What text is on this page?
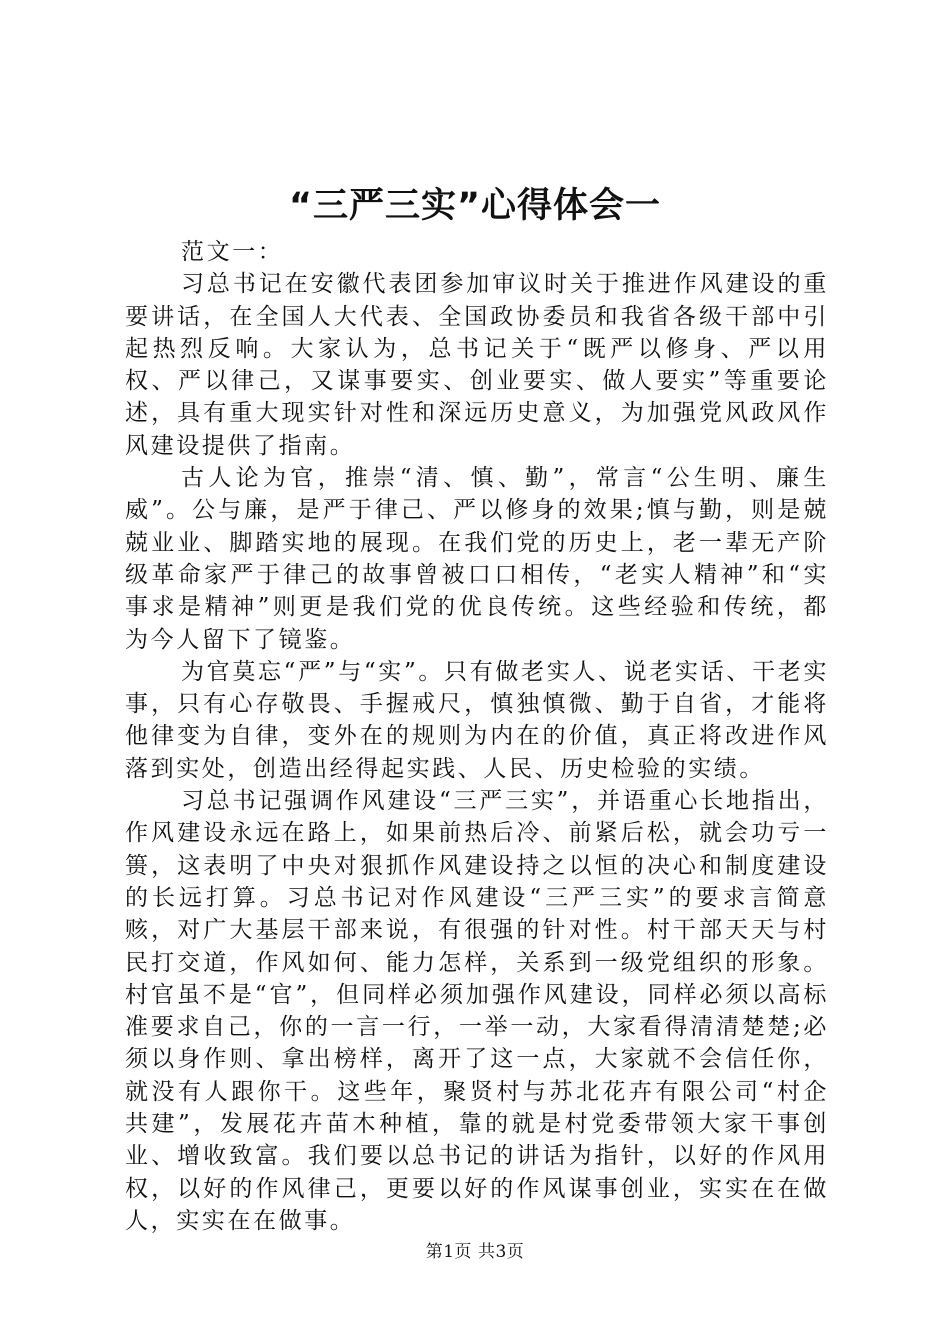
“三严三实”心得体会一

范文一：

习总书记在安徽代表团参加审议时关于推进作风建设的重要讲话，在全国人大代表、全国政协委员和我省各级干部中引起热烈反响。大家认为，总书记关于“既严以修身、严以用权、严以律己，又谋事要实、创业要实、做人要实”等重要论述，具有重大现实针对性和深远历史意义，为加强党风政风作风建设提供了指南。

古人论为官，推崇“清、慎、勤”，常言“公生明、廉生威”。公与廉，是严于律己、严以修身的效果;慎与勤，则是兢兢业业、脚踏实地的展现。在我们党的历史上，老一辈无产阶级革命家严于律己的故事曾被口口相传，“老实人精神”和“实事求是精神”则更是我们党的优良传统。这些经验和传统，都为今人留下了镜鉴。

为官莫忘“严”与“实”。只有做老实人、说老实话、干老实事，只有心存敬畏、手握戒尺，慎独慎微、勤于自省，才能将他律变为自律，变外在的规则为内在的价值，真正将改进作风落到实处，创造出经得起实践、人民、历史检验的实绩。

习总书记强调作风建设“三严三实”，并语重心长地指出，作风建设永远在路上，如果前热后冷、前紧后松，就会功亏一篑，这表明了中央对狠抓作风建设持之以恒的决心和制度建设的长远打算。习总书记对作风建设“三严三实”的要求言简意赅，对广大基层干部来说，有很强的针对性。村干部天天与村民打交道，作风如何、能力怎样，关系到一级党组织的形象。村官虽不是“官”，但同样必须加强作风建设，同样必须以高标准要求自己，你的一言一行，一举一动，大家看得清清楚楚;必须以身作则、拿出榜样，离开了这一点，大家就不会信任你，就没有人跟你干。这些年，聚贤村与苏北花卉有限公司“村企共建”，发展花卉苗木种植，靠的就是村党委带领大家干事创业、增收致富。我们要以总书记的讲话为指针，以好的作风用权，以好的作风律己，更要以好的作风谋事创业，实实在在做人，实实在在做事。

第1页 共3页
